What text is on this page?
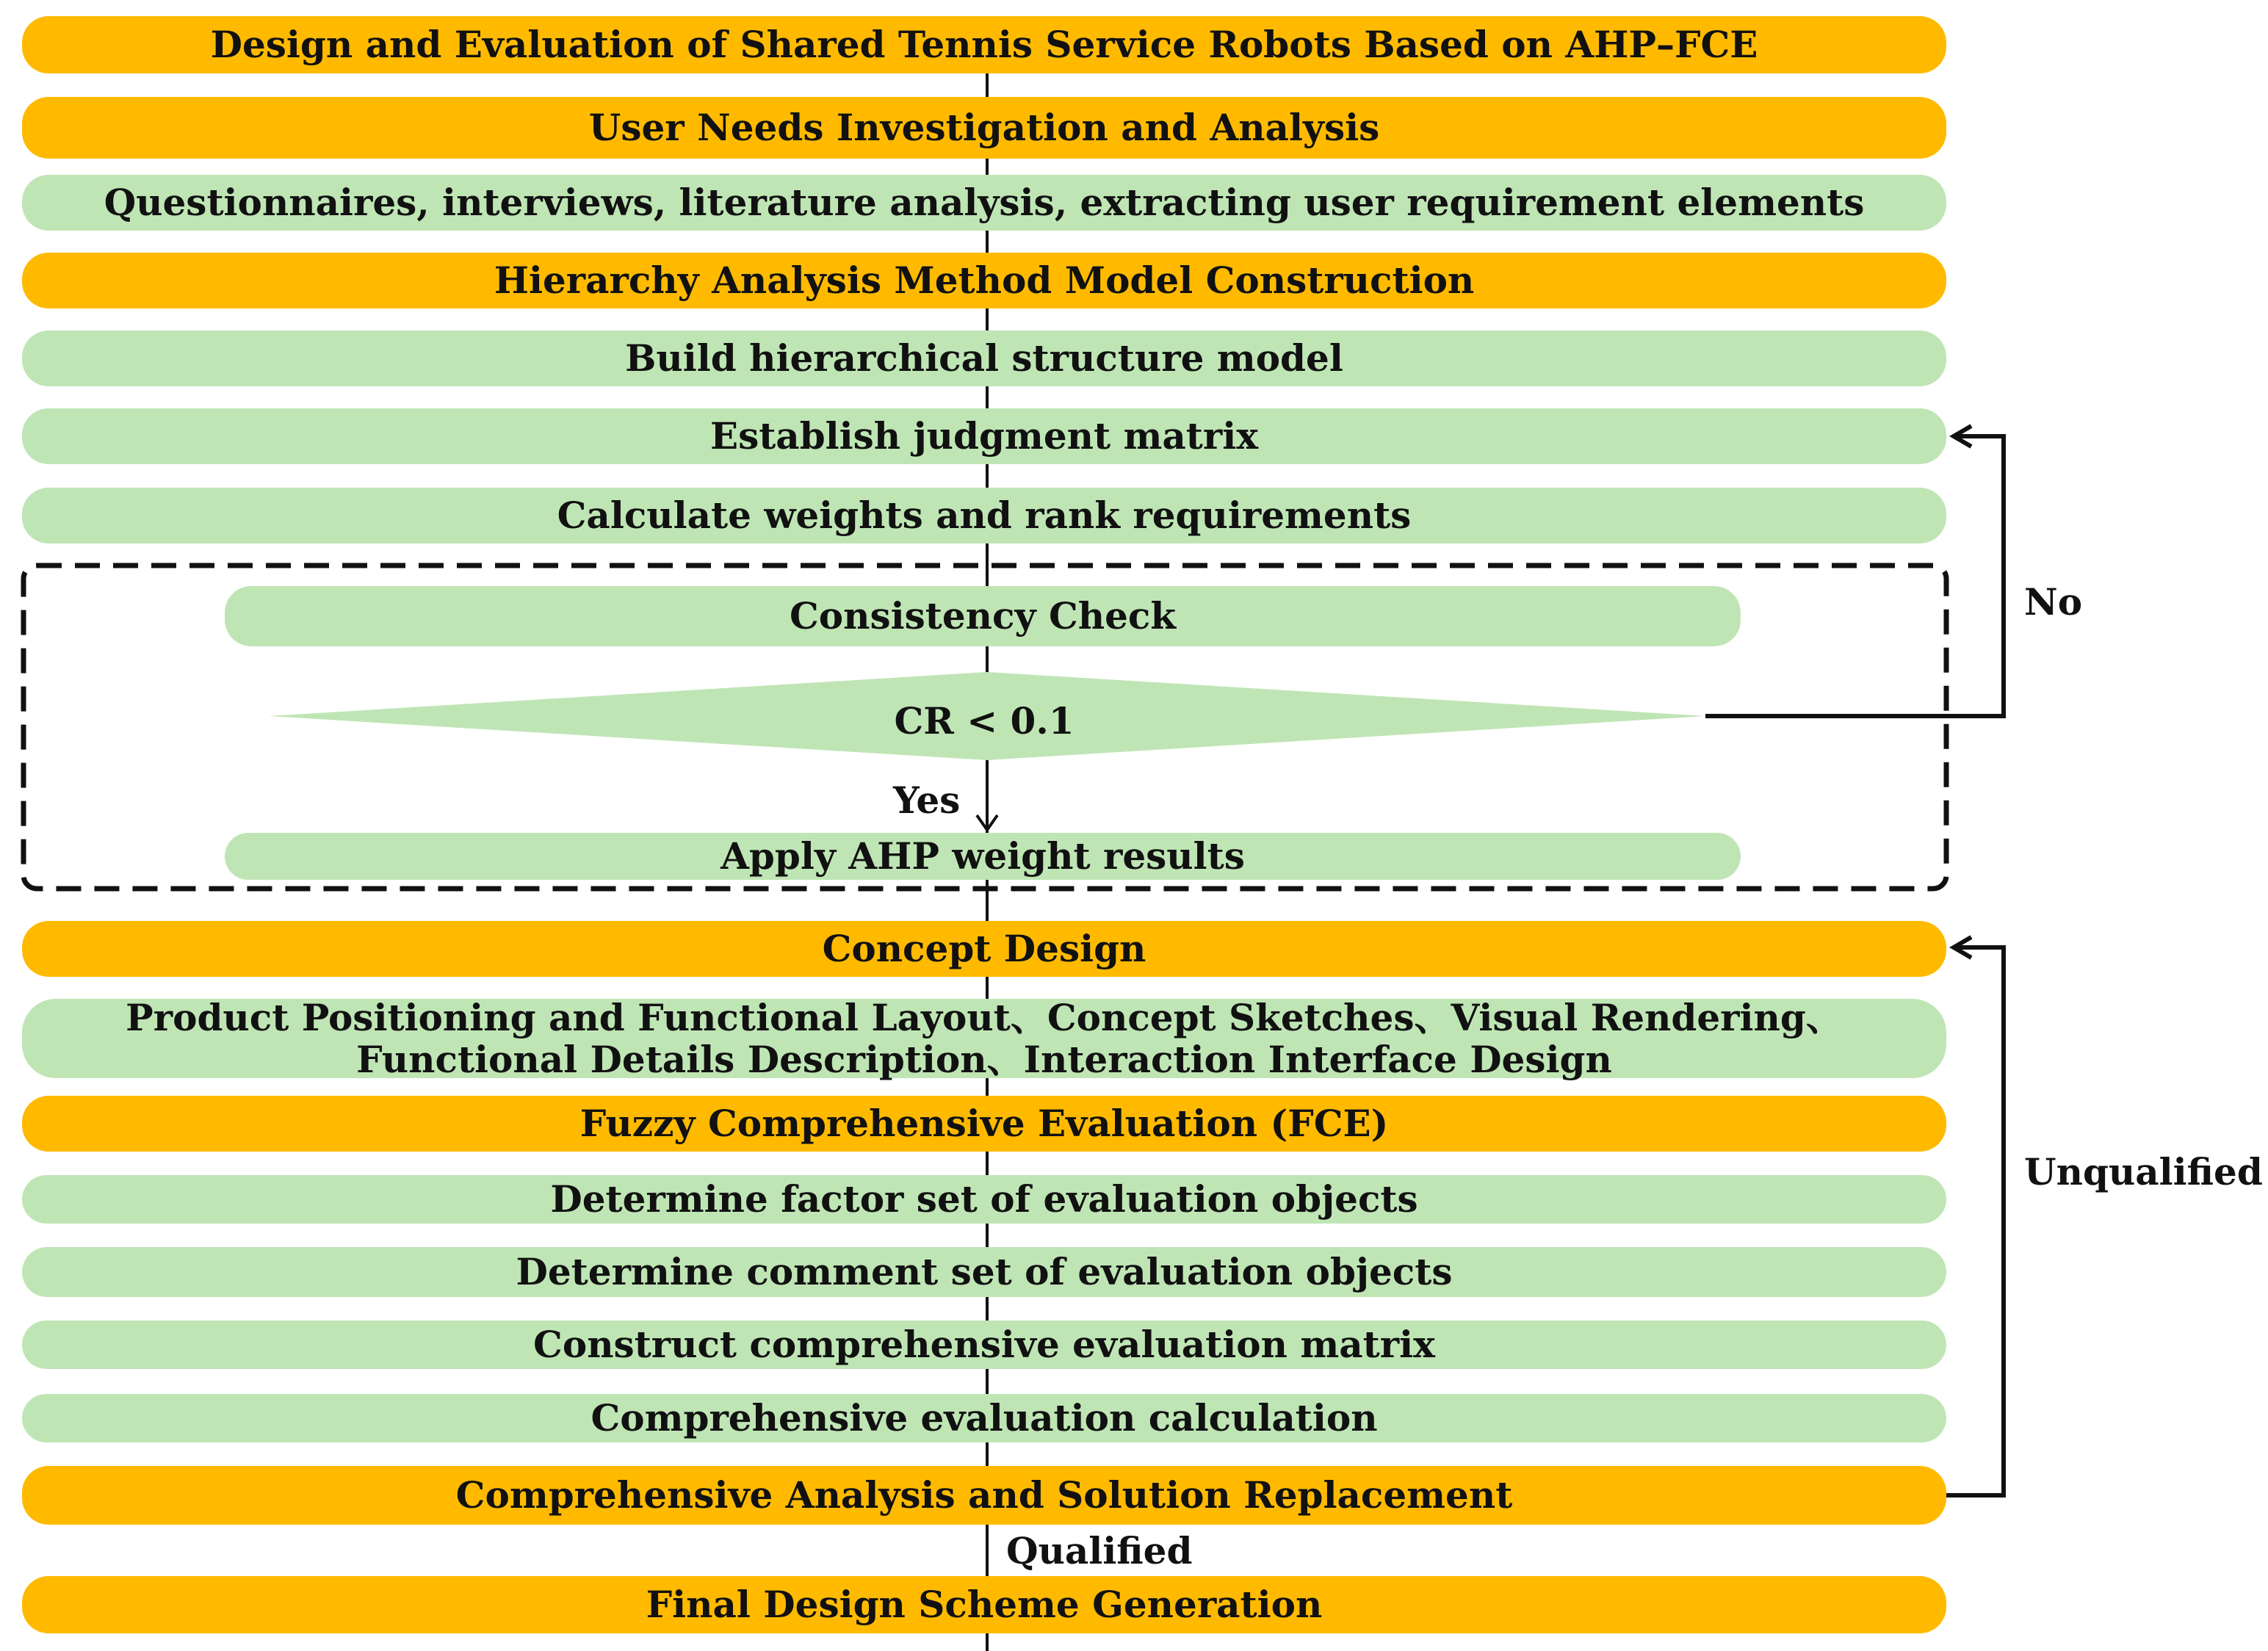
Design and Evaluation of Shared Tennis Service Robots Based on AHP–FCE
User Needs Investigation and Analysis
Questionnaires, interviews, literature analysis, extracting user requirement elements
Hierarchy Analysis Method Model Construction
Build hierarchical structure model
Establish judgment matrix
Calculate weights and rank requirements
Consistency Check
Apply AHP weight results
Concept Design
Product Positioning and Functional Layout、Concept Sketches、Visual Rendering、
Functional Details Description、Interaction Interface Design
Fuzzy Comprehensive Evaluation (FCE)
Determine factor set of evaluation objects
Determine comment set of evaluation objects
Construct comprehensive evaluation matrix
Comprehensive evaluation calculation
Comprehensive Analysis and Solution Replacement
Final Design Scheme Generation
CR < 0.1
Yes
No
Unqualified
Qualified
